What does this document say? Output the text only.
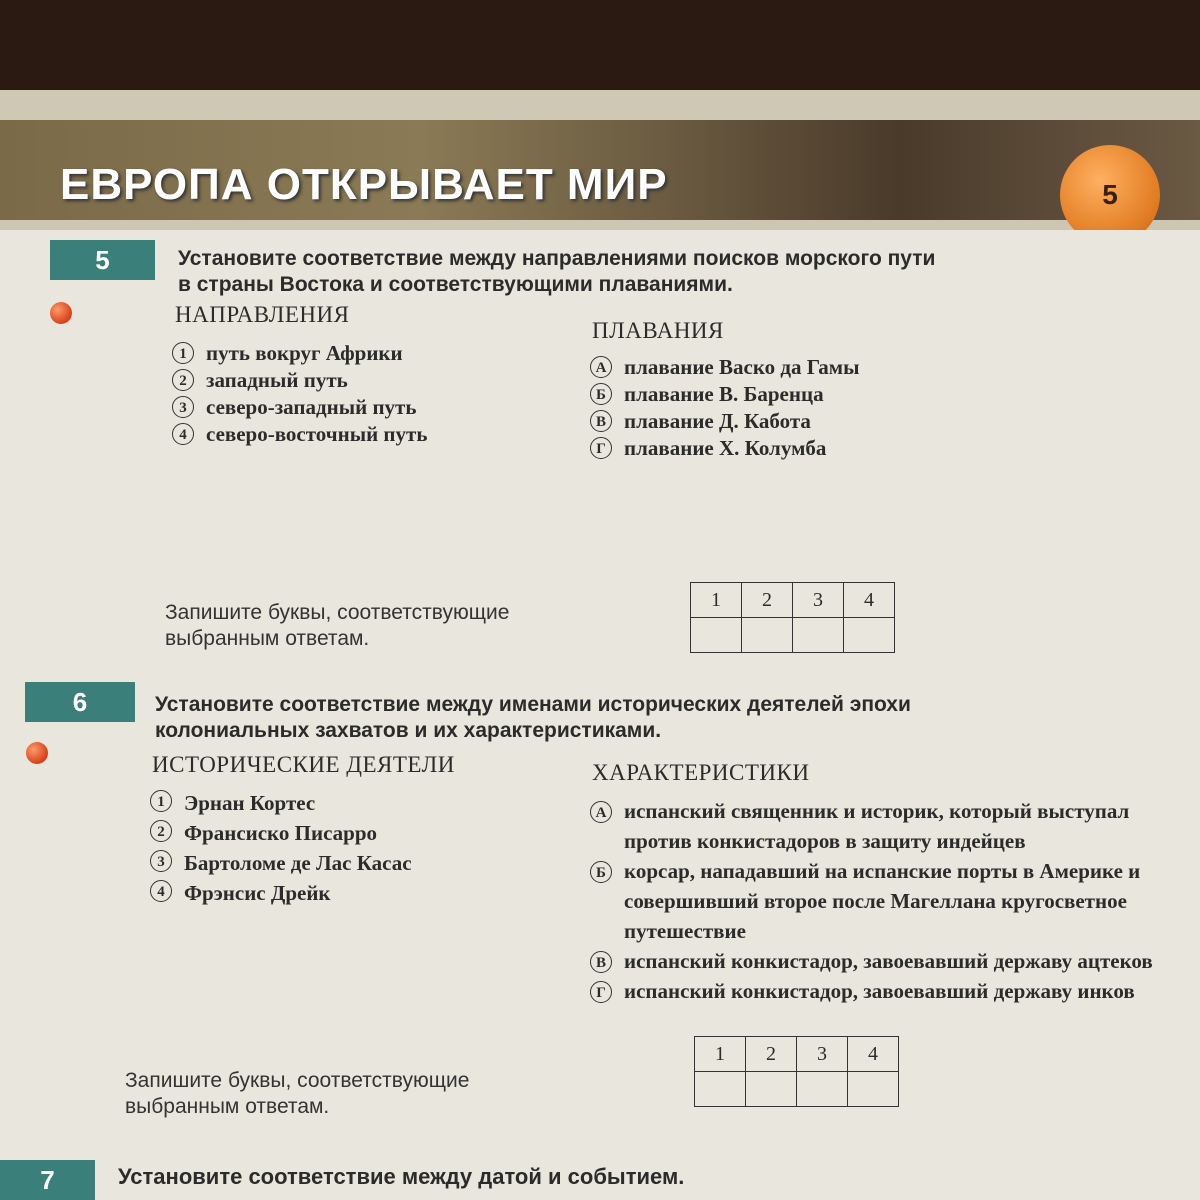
ЕВРОПА ОТКРЫВАЕТ МИР	5
5	Установите соответствие между направлениями поисков морского пути
в страны Востока и соответствующими плаваниями.
НАПРАВЛЕНИЯ
ПЛАВАНИЯ
1 путь вокруг Африки
2 западный путь
3 северо-западный путь
4 северо-восточный путь
А плавание Васко да Гамы
Б плавание В. Баренца
В плавание Д. Кабота
Г плавание Х. Колумба
Запишите буквы, соответствующие
выбранным ответам.
1	2	3	4

6	Установите соответствие между именами исторических деятелей эпохи
колониальных захватов и их характеристиками.
ИСТОРИЧЕСКИЕ ДЕЯТЕЛИ	ХАРАКТЕРИСТИКИ
1 Эрнан Кортес
2 Франсиско Писарро
3 Бартоломе де Лас Касас
4 Фрэнсис Дрейк
А испанский священник и историк, который выступал против конкистадоров в защиту индейцев
Б корсар, нападавший на испанские порты в Америке и совершивший второе после Магеллана кругосветное путешествие
В испанский конкистадор, завоевавший державу ацтеков
Г испанский конкистадор, завоевавший державу инков
Запишите буквы, соответствующие
выбранным ответам.
1	2	3	4

7	Установите соответствие между датой и событием.
